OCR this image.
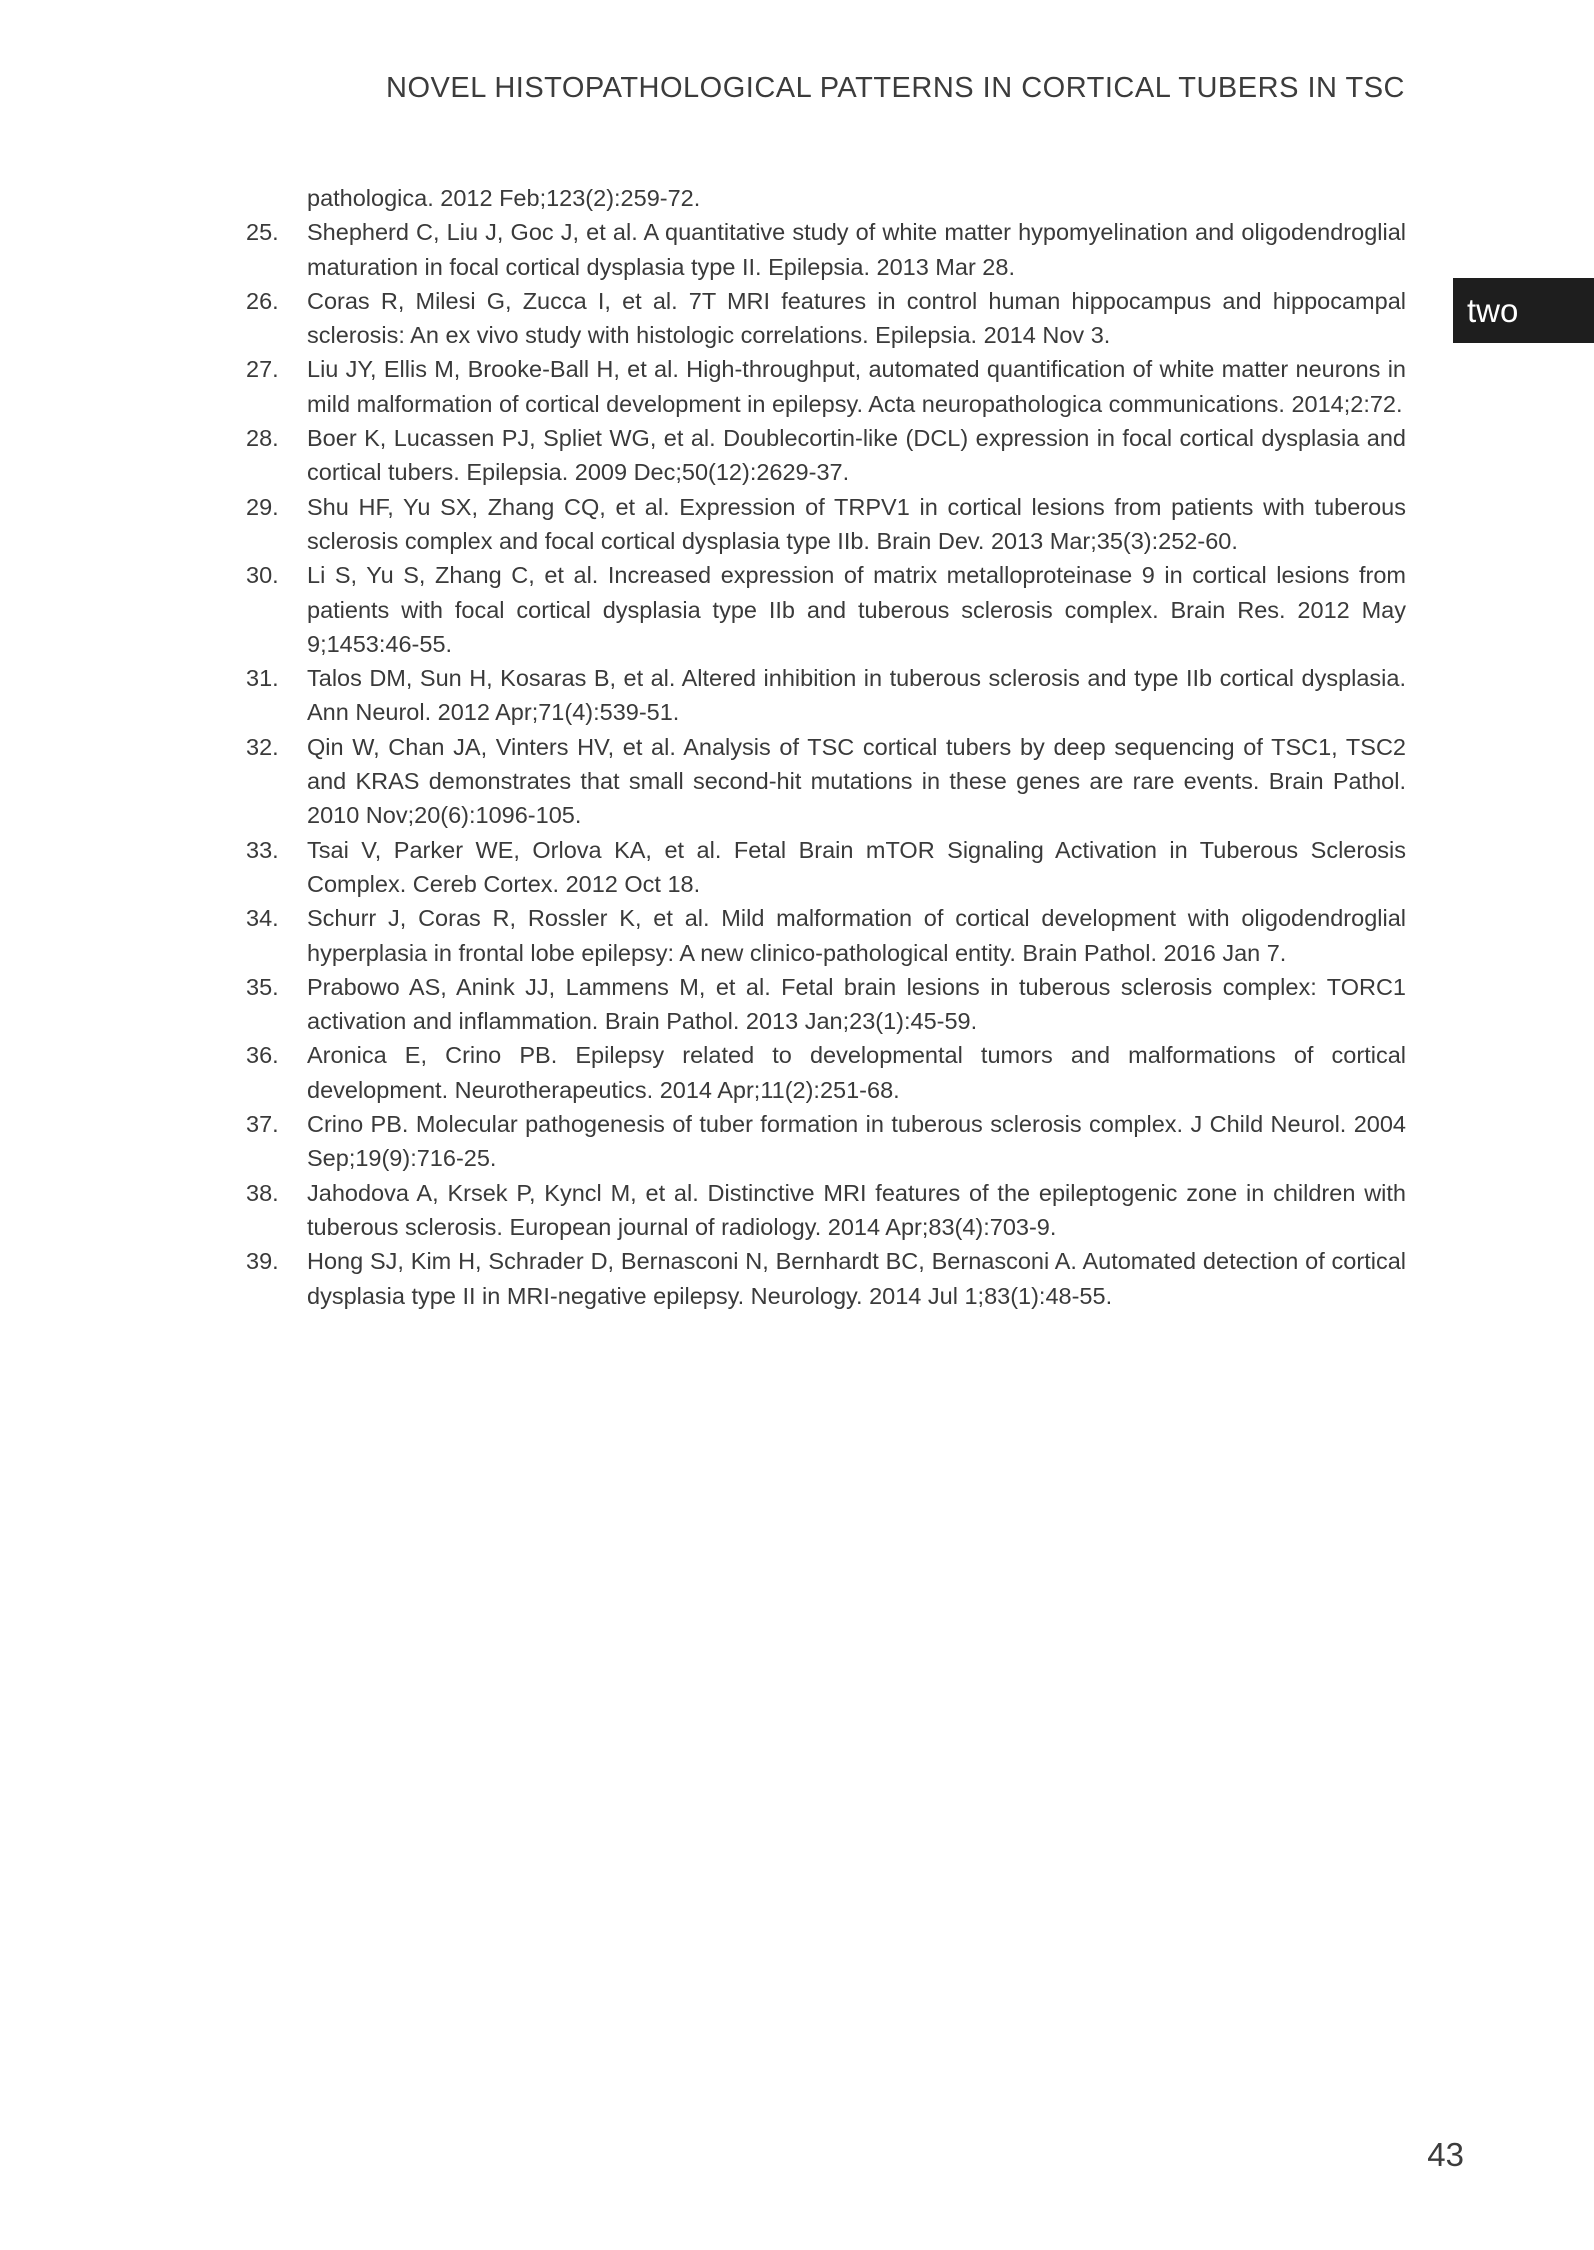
NOVEL HISTOPATHOLOGICAL PATTERNS IN CORTICAL TUBERS IN TSC
two
pathologica. 2012 Feb;123(2):259-72.
25.	Shepherd C, Liu J, Goc J, et al. A quantitative study of white matter hypomyelination and oligodendroglial maturation in focal cortical dysplasia type II. Epilepsia. 2013 Mar 28.
26.	Coras R, Milesi G, Zucca I, et al. 7T MRI features in control human hippocampus and hippocampal sclerosis: An ex vivo study with histologic correlations. Epilepsia. 2014 Nov 3.
27.	Liu JY, Ellis M, Brooke-Ball H, et al. High-throughput, automated quantification of white matter neurons in mild malformation of cortical development in epilepsy. Acta neuropathologica communications. 2014;2:72.
28.	Boer K, Lucassen PJ, Spliet WG, et al. Doublecortin-like (DCL) expression in focal cortical dysplasia and cortical tubers. Epilepsia. 2009 Dec;50(12):2629-37.
29.	Shu HF, Yu SX, Zhang CQ, et al. Expression of TRPV1 in cortical lesions from patients with tuberous sclerosis complex and focal cortical dysplasia type IIb. Brain Dev. 2013 Mar;35(3):252-60.
30.	Li S, Yu S, Zhang C, et al. Increased expression of matrix metalloproteinase 9 in cortical lesions from patients with focal cortical dysplasia type IIb and tuberous sclerosis complex. Brain Res. 2012 May 9;1453:46-55.
31.	Talos DM, Sun H, Kosaras B, et al. Altered inhibition in tuberous sclerosis and type IIb cortical dysplasia. Ann Neurol. 2012 Apr;71(4):539-51.
32.	Qin W, Chan JA, Vinters HV, et al. Analysis of TSC cortical tubers by deep sequencing of TSC1, TSC2 and KRAS demonstrates that small second-hit mutations in these genes are rare events. Brain Pathol. 2010 Nov;20(6):1096-105.
33.	Tsai V, Parker WE, Orlova KA, et al. Fetal Brain mTOR Signaling Activation in Tuberous Sclerosis Complex. Cereb Cortex. 2012 Oct 18.
34.	Schurr J, Coras R, Rossler K, et al. Mild malformation of cortical development with oligodendroglial hyperplasia in frontal lobe epilepsy: A new clinico-pathological entity. Brain Pathol. 2016 Jan 7.
35.	Prabowo AS, Anink JJ, Lammens M, et al. Fetal brain lesions in tuberous sclerosis complex: TORC1 activation and inflammation. Brain Pathol. 2013 Jan;23(1):45-59.
36.	Aronica E, Crino PB. Epilepsy related to developmental tumors and malformations of cortical development. Neurotherapeutics. 2014 Apr;11(2):251-68.
37.	Crino PB. Molecular pathogenesis of tuber formation in tuberous sclerosis complex. J Child Neurol. 2004 Sep;19(9):716-25.
38.	Jahodova A, Krsek P, Kyncl M, et al. Distinctive MRI features of the epileptogenic zone in children with tuberous sclerosis. European journal of radiology. 2014 Apr;83(4):703-9.
39.	Hong SJ, Kim H, Schrader D, Bernasconi N, Bernhardt BC, Bernasconi A. Automated detection of cortical dysplasia type II in MRI-negative epilepsy. Neurology. 2014 Jul 1;83(1):48-55.
43
